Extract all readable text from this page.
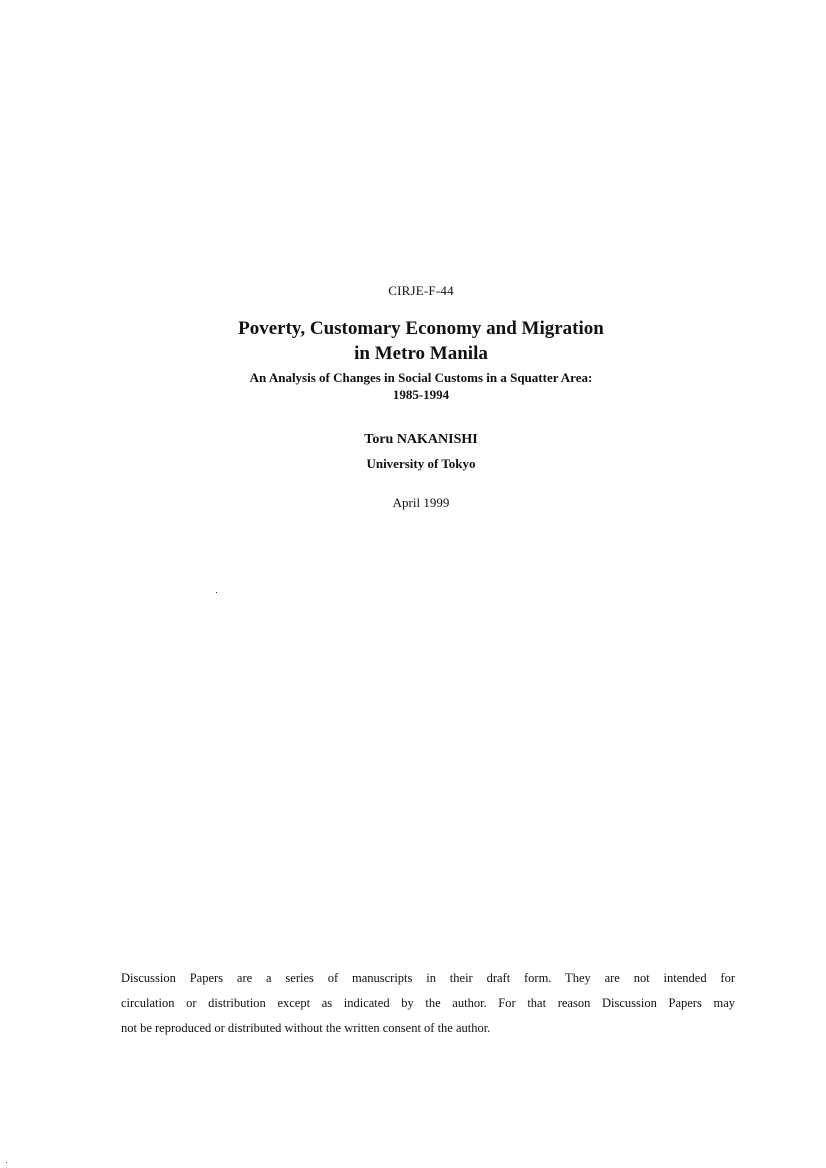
CIRJE-F-44
Poverty, Customary Economy and Migration
in Metro Manila
An Analysis of Changes in Social Customs in a Squatter Area:
1985-1994
Toru NAKANISHI
University of Tokyo
April 1999
Discussion Papers are a series of manuscripts in their draft form. They are not intended for
circulation or distribution except as indicated by the author. For that reason Discussion Papers may
not be reproduced or distributed without the written consent of the author.
